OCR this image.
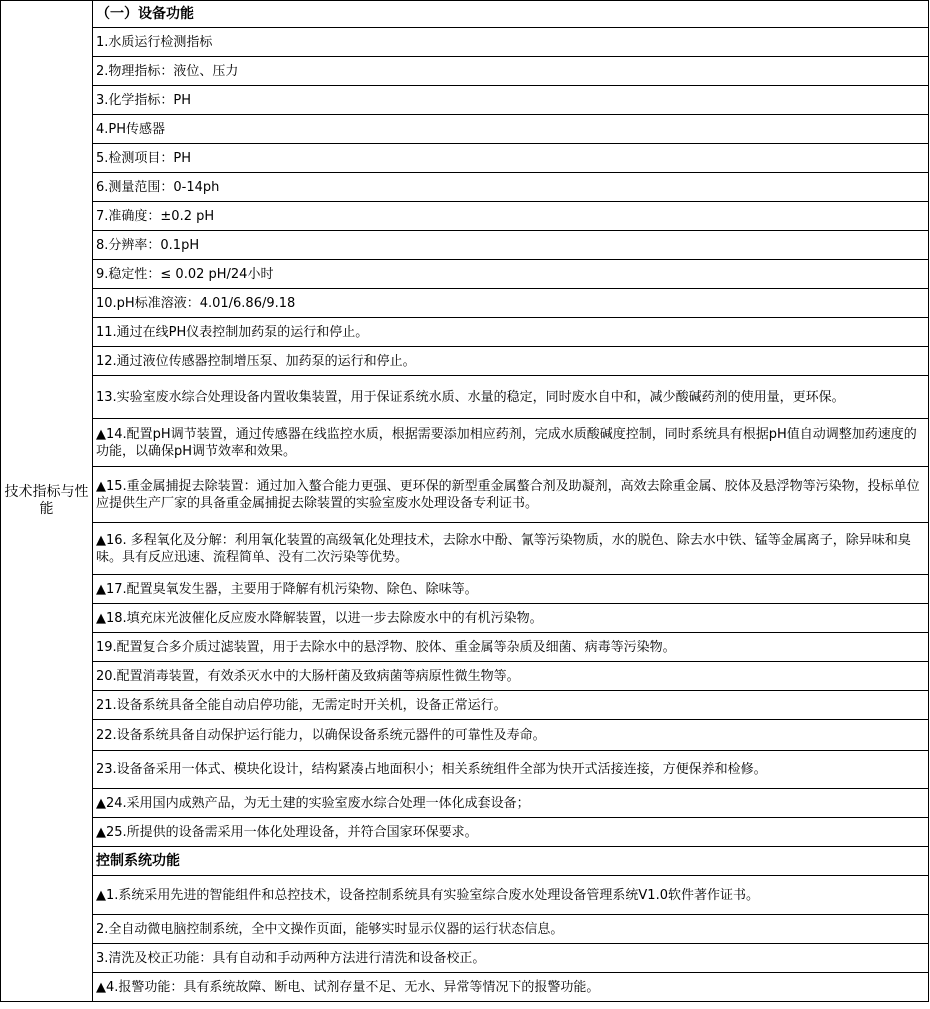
技术指标与性能	（一）设备功能
1.水质运行检测指标
2.物理指标：液位、压力
3.化学指标：PH
4.PH传感器
5.检测项目：PH
6.测量范围：0-14ph
7.准确度：±0.2 pH
8.分辨率：0.1pH
9.稳定性：≤ 0.02 pH/24小时
10.pH标准溶液：4.01/6.86/9.18
11.通过在线PH仪表控制加药泵的运行和停止。
12.通过液位传感器控制增压泵、加药泵的运行和停止。
13.实验室废水综合处理设备内置收集装置，用于保证系统水质、水量的稳定，同时废水自中和，减少酸碱药剂的使用量，更环保。
▲14.配置pH调节装置，通过传感器在线监控水质，根据需要添加相应药剂，完成水质酸碱度控制，同时系统具有根据pH值自动调整加药速度的功能，以确保pH调节效率和效果。
▲15.重金属捕捉去除装置：通过加入螯合能力更强、更环保的新型重金属螯合剂及助凝剂，高效去除重金属、胶体及悬浮物等污染物，投标单位应提供生产厂家的具备重金属捕捉去除装置的实验室废水处理设备专利证书。
▲16. 多程氧化及分解：利用氧化装置的高级氧化处理技术，去除水中酚、氰等污染物质，水的脱色、除去水中铁、锰等金属离子，除异味和臭味。具有反应迅速、流程简单、没有二次污染等优势。
▲17.配置臭氧发生器，主要用于降解有机污染物、除色、除味等。
▲18.填充床光波催化反应废水降解装置，以进一步去除废水中的有机污染物。
19.配置复合多介质过滤装置，用于去除水中的悬浮物、胶体、重金属等杂质及细菌、病毒等污染物。
20.配置消毒装置，有效杀灭水中的大肠杆菌及致病菌等病原性微生物等。
21.设备系统具备全能自动启停功能，无需定时开关机，设备正常运行。
22.设备系统具备自动保护运行能力，以确保设备系统元器件的可靠性及寿命。
23.设备备采用一体式、模块化设计，结构紧凑占地面积小；相关系统组件全部为快开式活接连接，方便保养和检修。
▲24.采用国内成熟产品，为无土建的实验室废水综合处理一体化成套设备；
▲25.所提供的设备需采用一体化处理设备，并符合国家环保要求。
控制系统功能
▲1.系统采用先进的智能组件和总控技术，设备控制系统具有实验室综合废水处理设备管理系统V1.0软件著作证书。
2.全自动微电脑控制系统，全中文操作页面，能够实时显示仪器的运行状态信息。
3.清洗及校正功能：具有自动和手动两种方法进行清洗和设备校正。
▲4.报警功能：具有系统故障、断电、试剂存量不足、无水、异常等情况下的报警功能。
